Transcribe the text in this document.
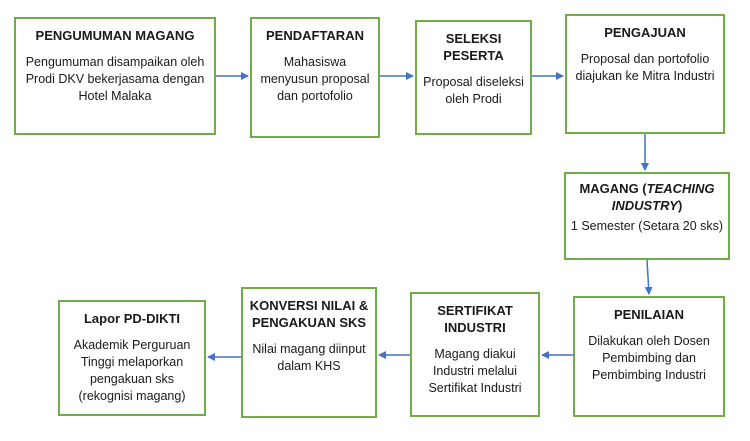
PENGUMUMAN MAGANG
Pengumuman disampaikan oleh Prodi DKV bekerjasama dengan Hotel Malaka
PENDAFTARAN
Mahasiswa menyusun proposal dan portofolio
SELEKSI PESERTA
Proposal diseleksi oleh Prodi
PENGAJUAN
Proposal dan portofolio diajukan ke Mitra Industri
MAGANG (TEACHING INDUSTRY)
1 Semester (Setara 20 sks)
PENILAIAN
Dilakukan oleh Dosen Pembimbing dan Pembimbing Industri
SERTIFIKAT INDUSTRI
Magang diakui Industri melalui Sertifikat Industri
KONVERSI NILAI & PENGAKUAN SKS
Nilai magang diinput dalam KHS
Lapor PD-DIKTI
Akademik Perguruan Tinggi melaporkan pengakuan sks (rekognisi magang)
